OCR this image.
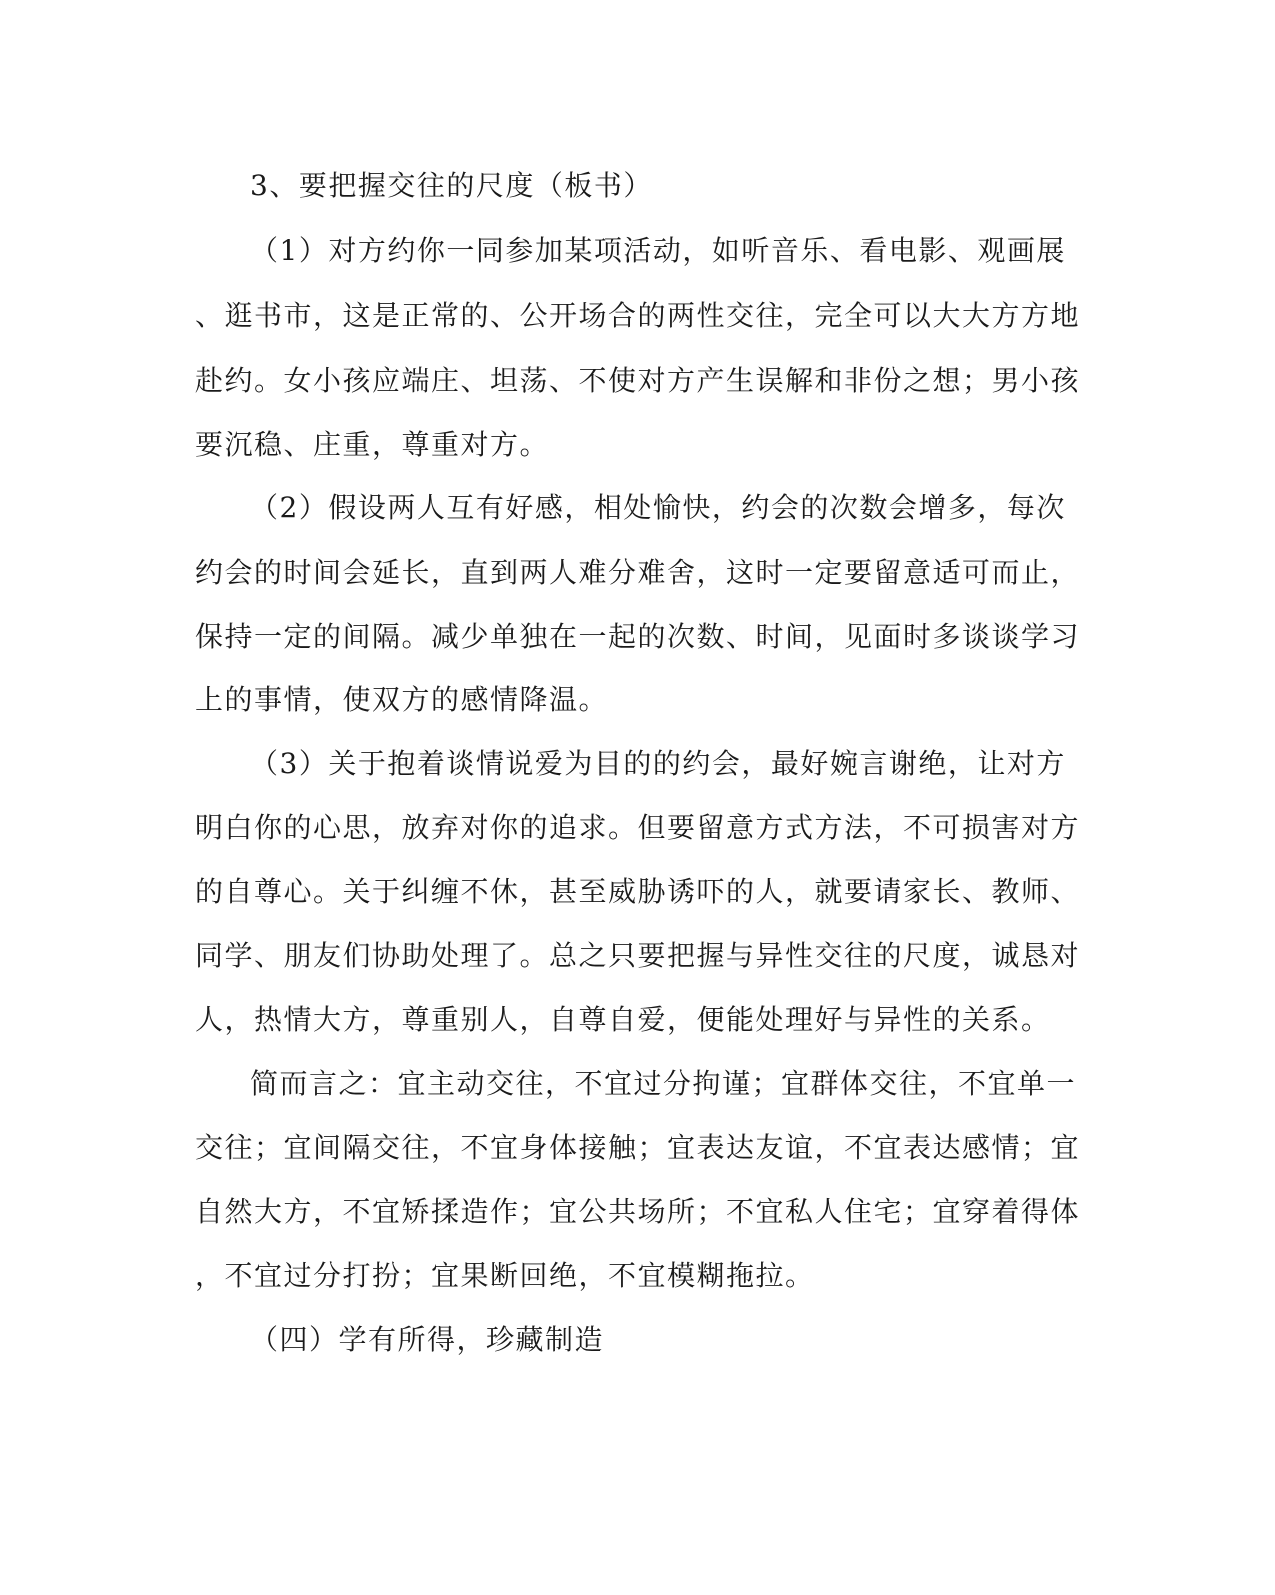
3、要把握交往的尺度（板书）
（1）对方约你一同参加某项活动，如听音乐、看电影、观画展
、逛书市，这是正常的、公开场合的两性交往，完全可以大大方方地
赴约。女小孩应端庄、坦荡、不使对方产生误解和非份之想；男小孩
要沉稳、庄重，尊重对方。
（2）假设两人互有好感，相处愉快，约会的次数会增多，每次
约会的时间会延长，直到两人难分难舍，这时一定要留意适可而止，
保持一定的间隔。减少单独在一起的次数、时间，见面时多谈谈学习
上的事情，使双方的感情降温。
（3）关于抱着谈情说爱为目的的约会，最好婉言谢绝，让对方
明白你的心思，放弃对你的追求。但要留意方式方法，不可损害对方
的自尊心。关于纠缠不休，甚至威胁诱吓的人，就要请家长、教师、
同学、朋友们协助处理了。总之只要把握与异性交往的尺度，诚恳对
人，热情大方，尊重别人，自尊自爱，便能处理好与异性的关系。
简而言之：宜主动交往，不宜过分拘谨；宜群体交往，不宜单一
交往；宜间隔交往，不宜身体接触；宜表达友谊，不宜表达感情；宜
自然大方，不宜矫揉造作；宜公共场所；不宜私人住宅；宜穿着得体
，不宜过分打扮；宜果断回绝，不宜模糊拖拉。
（四）学有所得，珍藏制造
